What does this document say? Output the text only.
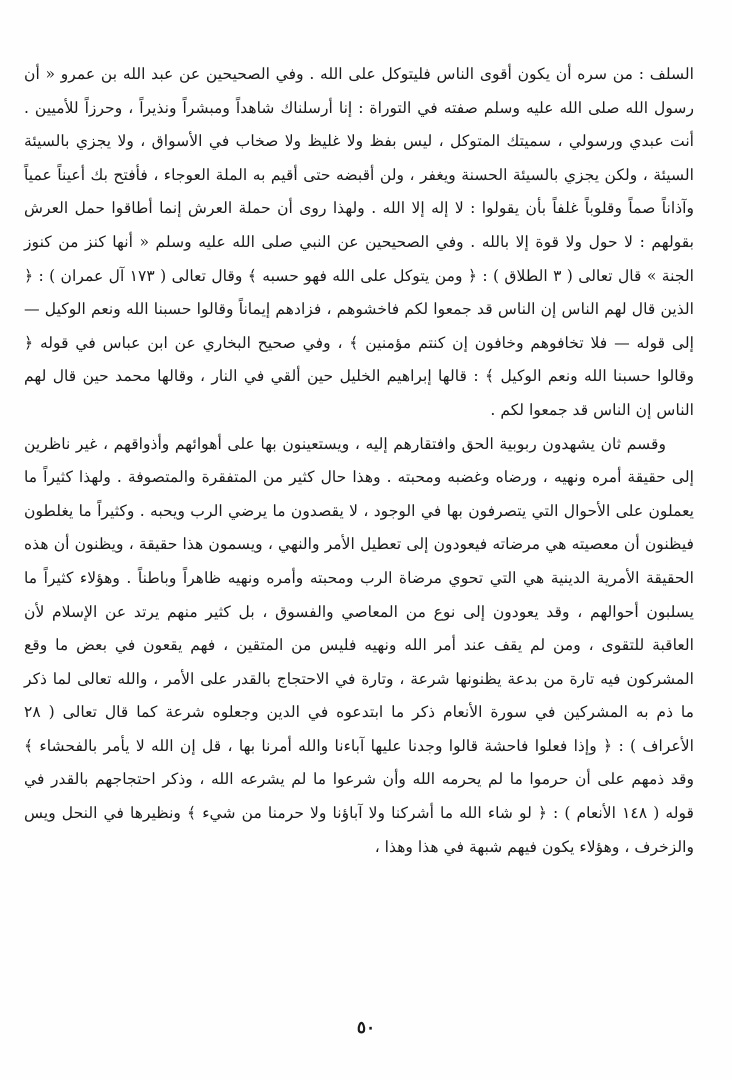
السلف : من سره أن يكون أقوى الناس فليتوكل على الله . وفي الصحيحين عن عبد الله بن عمرو « أن رسول الله صلى الله عليه وسلم صفته في التوراة : إنا أرسلناك شاهداً ومبشراً ونذيراً ، وحرزاً للأميين . أنت عبدي ورسولي ، سميتك المتوكل ، ليس بفظ ولا غليظ ولا صخاب في الأسواق ، ولا يجزي بالسيئة السيئة ، ولكن يجزي بالسيئة الحسنة ويغفر ، ولن أقبضه حتى أقيم به الملة العوجاء ، فأفتح بك أعيناً عمياً وآذاناً صماً وقلوباً غلفاً بأن يقولوا : لا إله إلا الله . ولهذا روى أن حملة العرش إنما أطاقوا حمل العرش بقولهم : لا حول ولا قوة إلا بالله . وفي الصحيحين عن النبي صلى الله عليه وسلم « أنها كنز من كنوز الجنة » قال تعالى ( ٣ الطلاق ) : ﴿ ومن يتوكل على الله فهو حسبه ﴾ وقال تعالى ( ١٧٣ آل عمران ) : ﴿ الذين قال لهم الناس إن الناس قد جمعوا لكم فاخشوهم ، فزادهم إيماناً وقالوا حسبنا الله ونعم الوكيل — إلى قوله — فلا تخافوهم وخافون إن كنتم مؤمنين ﴾ ، وفي صحيح البخاري عن ابن عباس في قوله ﴿ وقالوا حسبنا الله ونعم الوكيل ﴾ : قالها إبراهيم الخليل حين ألقي في النار ، وقالها محمد حين قال لهم الناس إن الناس قد جمعوا لكم .

وقسم ثان يشهدون ربوبية الحق وافتقارهم إليه ، ويستعينون بها على أهوائهم وأذواقهم ، غير ناظرين إلى حقيقة أمره ونهيه ، ورضاه وغضبه ومحبته . وهذا حال كثير من المتفقرة والمتصوفة . ولهذا كثيراً ما يعملون على الأحوال التي يتصرفون بها في الوجود ، لا يقصدون ما يرضي الرب ويحبه . وكثيراً ما يغلطون فيظنون أن معصيته هي مرضاته فيعودون إلى تعطيل الأمر والنهي ، ويسمون هذا حقيقة ، ويظنون أن هذه الحقيقة الأمرية الدينية هي التي تحوي مرضاة الرب ومحبته وأمره ونهيه ظاهراً وباطناً . وهؤلاء كثيراً ما يسلبون أحوالهم ، وقد يعودون إلى نوع من المعاصي والفسوق ، بل كثير منهم يرتد عن الإسلام لأن العاقبة للتقوى ، ومن لم يقف عند أمر الله ونهيه فليس من المتقين ، فهم يقعون في بعض ما وقع المشركون فيه تارة من بدعة يظنونها شرعة ، وتارة في الاحتجاج بالقدر على الأمر ، والله تعالى لما ذكر ما ذم به المشركين في سورة الأنعام ذكر ما ابتدعوه في الدين وجعلوه شرعة كما قال تعالى ( ٢٨ الأعراف ) : ﴿ وإذا فعلوا فاحشة قالوا وجدنا عليها آباءنا والله أمرنا بها ، قل إن الله لا يأمر بالفحشاء ﴾ وقد ذمهم على أن حرموا ما لم يحرمه الله وأن شرعوا ما لم يشرعه الله ، وذكر احتجاجهم بالقدر في قوله ( ١٤٨ الأنعام ) : ﴿ لو شاء الله ما أشركنا ولا آباؤنا ولا حرمنا من شيء ﴾ ونظيرها في النحل ويس والزخرف ، وهؤلاء يكون فيهم شبهة في هذا وهذا ،

٥٠
